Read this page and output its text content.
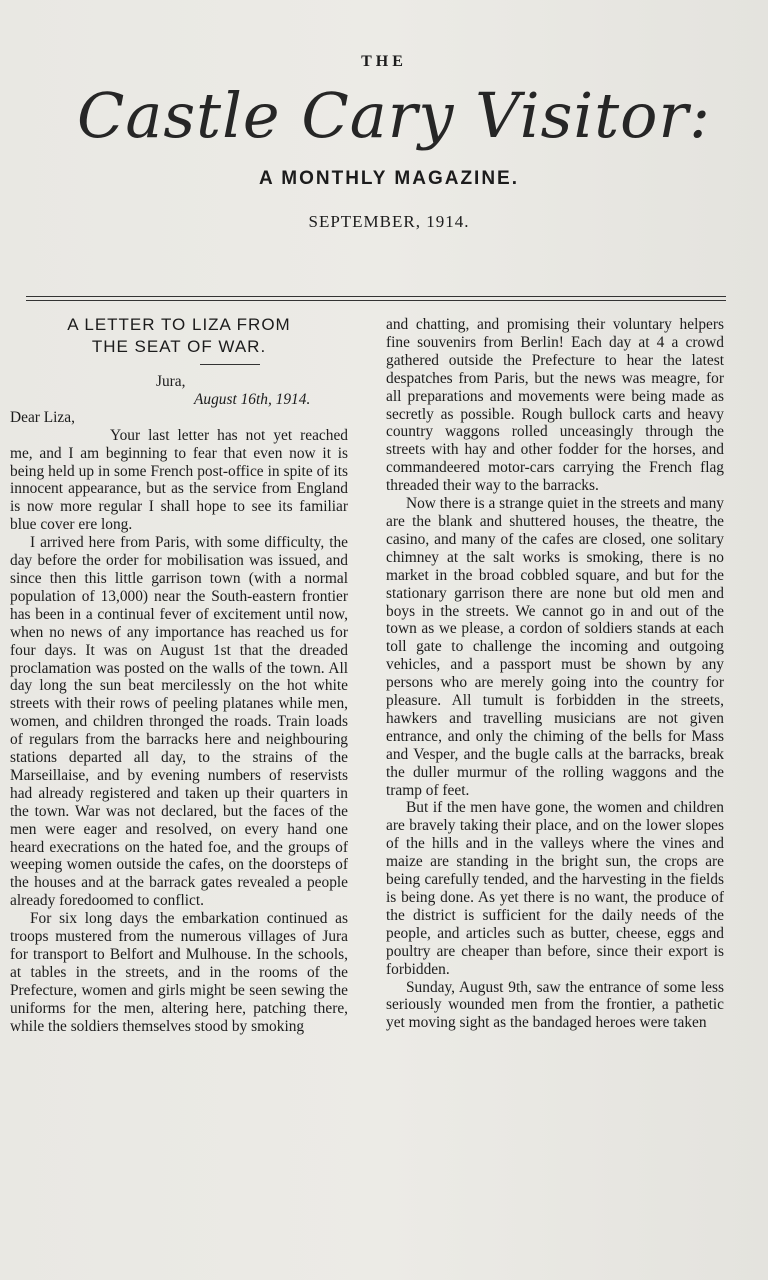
THE
Castle Cary Visitor:
A MONTHLY MAGAZINE.
SEPTEMBER, 1914.
A LETTER TO LIZA FROM
THE SEAT OF WAR.

Jura,

August 16th, 1914.

Dear Liza,

Your last letter has not yet reached me, and I am beginning to fear that even now it is being held up in some French post-office in spite of its innocent appearance, but as the service from England is now more regular I shall hope to see its familiar blue cover ere long.

I arrived here from Paris, with some difficulty, the day before the order for mobilisation was issued, and since then this little garrison town (with a normal population of 13,000) near the South-eastern frontier has been in a continual fever of excitement until now, when no news of any importance has reached us for four days. It was on August 1st that the dreaded proclamation was posted on the walls of the town. All day long the sun beat mercilessly on the hot white streets with their rows of peeling platanes while men, women, and children thronged the roads. Train loads of regulars from the barracks here and neighbouring stations departed all day, to the strains of the Marseillaise, and by evening numbers of reservists had already registered and taken up their quarters in the town. War was not declared, but the faces of the men were eager and resolved, on every hand one heard execrations on the hated foe, and the groups of weeping women outside the cafes, on the doorsteps of the houses and at the barrack gates revealed a people already foredoomed to conflict.

For six long days the embarkation continued as troops mustered from the numerous villages of Jura for transport to Belfort and Mulhouse. In the schools, at tables in the streets, and in the rooms of the Prefecture, women and girls might be seen sewing the uniforms for the men, altering here, patching there, while the soldiers themselves stood by smoking

and chatting, and promising their voluntary helpers fine souvenirs from Berlin! Each day at 4 a crowd gathered outside the Prefecture to hear the latest despatches from Paris, but the news was meagre, for all preparations and movements were being made as secretly as possible. Rough bullock carts and heavy country waggons rolled unceasingly through the streets with hay and other fodder for the horses, and commandeered motor-cars carrying the French flag threaded their way to the barracks.

Now there is a strange quiet in the streets and many are the blank and shuttered houses, the theatre, the casino, and many of the cafes are closed, one solitary chimney at the salt works is smoking, there is no market in the broad cobbled square, and but for the stationary garrison there are none but old men and boys in the streets. We cannot go in and out of the town as we please, a cordon of soldiers stands at each toll gate to challenge the incoming and outgoing vehicles, and a passport must be shown by any persons who are merely going into the country for pleasure. All tumult is forbidden in the streets, hawkers and travelling musicians are not given entrance, and only the chiming of the bells for Mass and Vesper, and the bugle calls at the barracks, break the duller murmur of the rolling waggons and the tramp of feet.

But if the men have gone, the women and children are bravely taking their place, and on the lower slopes of the hills and in the valleys where the vines and maize are standing in the bright sun, the crops are being carefully tended, and the harvesting in the fields is being done. As yet there is no want, the produce of the district is sufficient for the daily needs of the people, and articles such as butter, cheese, eggs and poultry are cheaper than before, since their export is forbidden.

Sunday, August 9th, saw the entrance of some less seriously wounded men from the frontier, a pathetic yet moving sight as the bandaged heroes were taken
